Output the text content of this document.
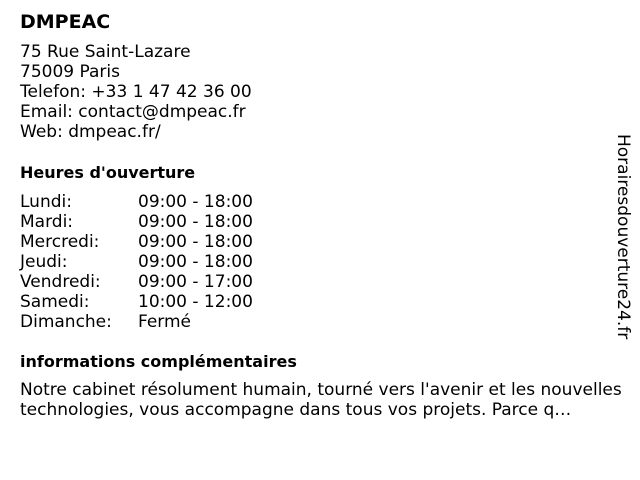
DMPEAC
75 Rue Saint-Lazare
75009 Paris
Telefon: +33 1 47 42 36 00
Email: contact@dmpeac.fr
Web: dmpeac.fr/
Heures d'ouverture
Lundi:	09:00 - 18:00
Mardi:	09:00 - 18:00
Mercredi:	09:00 - 18:00
Jeudi:	09:00 - 18:00
Vendredi:	09:00 - 17:00
Samedi:	10:00 - 12:00
Dimanche:	Fermé
informations complémentaires
Notre cabinet résolument humain, tourné vers l'avenir et les nouvelles technologies, vous accompagne dans tous vos projets. Parce q…
Horairesdouverture24.fr
